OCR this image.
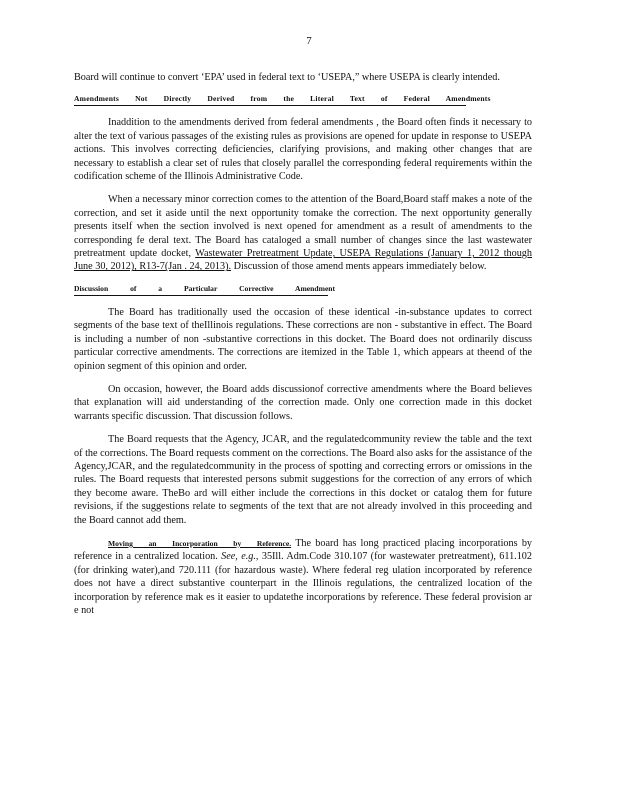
7

Board will continue to convert ‘EPA’ used in federal text to ‘USEPA,” where USEPA is clearly intended.

Amendments Not Directly Derived from the Literal Text of Federal Amendments

Inaddition to the amendments derived from federal amendments , the Board often finds it necessary to alter the text of various passages of the existing rules as provisions are opened for update in response to USEPA actions. This involves correcting deficiencies, clarifying provisions, and making other changes that are necessary to establish a clear set of rules that closely parallel the corresponding federal requirements within the codification scheme of the Illinois Administrative Code.

When a necessary minor correction comes to the attention of the Board,Board staff makes a note of the correction, and set it aside until the next opportunity tomake the correction. The next opportunity generally presents itself when the section involved is next opened for amendment as a result of amendments to the corresponding fe deral text. The Board has cataloged a small number of changes since the last wastewater pretreatment update docket, Wastewater Pretreatment Update, USEPA Regulations (January 1, 2012 though June 30, 2012), R13-7(Jan . 24, 2013). Discussion of those amend ments appears immediately below.

Discussion of a Particular Corrective Amendment

The Board has traditionally used the occasion of these identical -in-substance updates to correct segments of the base text of theIllinois regulations. These corrections are non - substantive in effect. The Board is including a number of non -substantive corrections in this docket. The Board does not ordinarily discuss particular corrective amendments. The corrections are itemized in the Table 1, which appears at theend of the opinion segment of this opinion and order.

On occasion, however, the Board adds discussionof corrective amendments where the Board believes that explanation will aid understanding of the correction made. Only one correction made in this docket warrants specific discussion. That discussion follows.

The Board requests that the Agency, JCAR, and the regulatedcommunity review the table and the text of the corrections. The Board requests comment on the corrections. The Board also asks for the assistance of the Agency,JCAR, and the regulatedcommunity in the process of spotting and correcting errors or omissions in the rules. The Board requests that interested persons submit suggestions for the correction of any errors of which they become aware. TheBo ard will either include the corrections in this docket or catalog them for future revisions, if the suggestions relate to segments of the text that are not already involved in this proceeding and the Board cannot add them.

Moving an Incorporation by Reference. The board has long practiced placing incorporations by reference in a centralized location. See, e.g., 35Ill. Adm.Code 310.107 (for wastewater pretreatment), 611.102 (for drinking water),and 720.111 (for hazardous waste). Where federal reg ulation incorporated by reference does not have a direct substantive counterpart in the Illinois regulations, the centralized location of the incorporation by reference mak es it easier to updatethe incorporations by reference. These federal provision ar e not
